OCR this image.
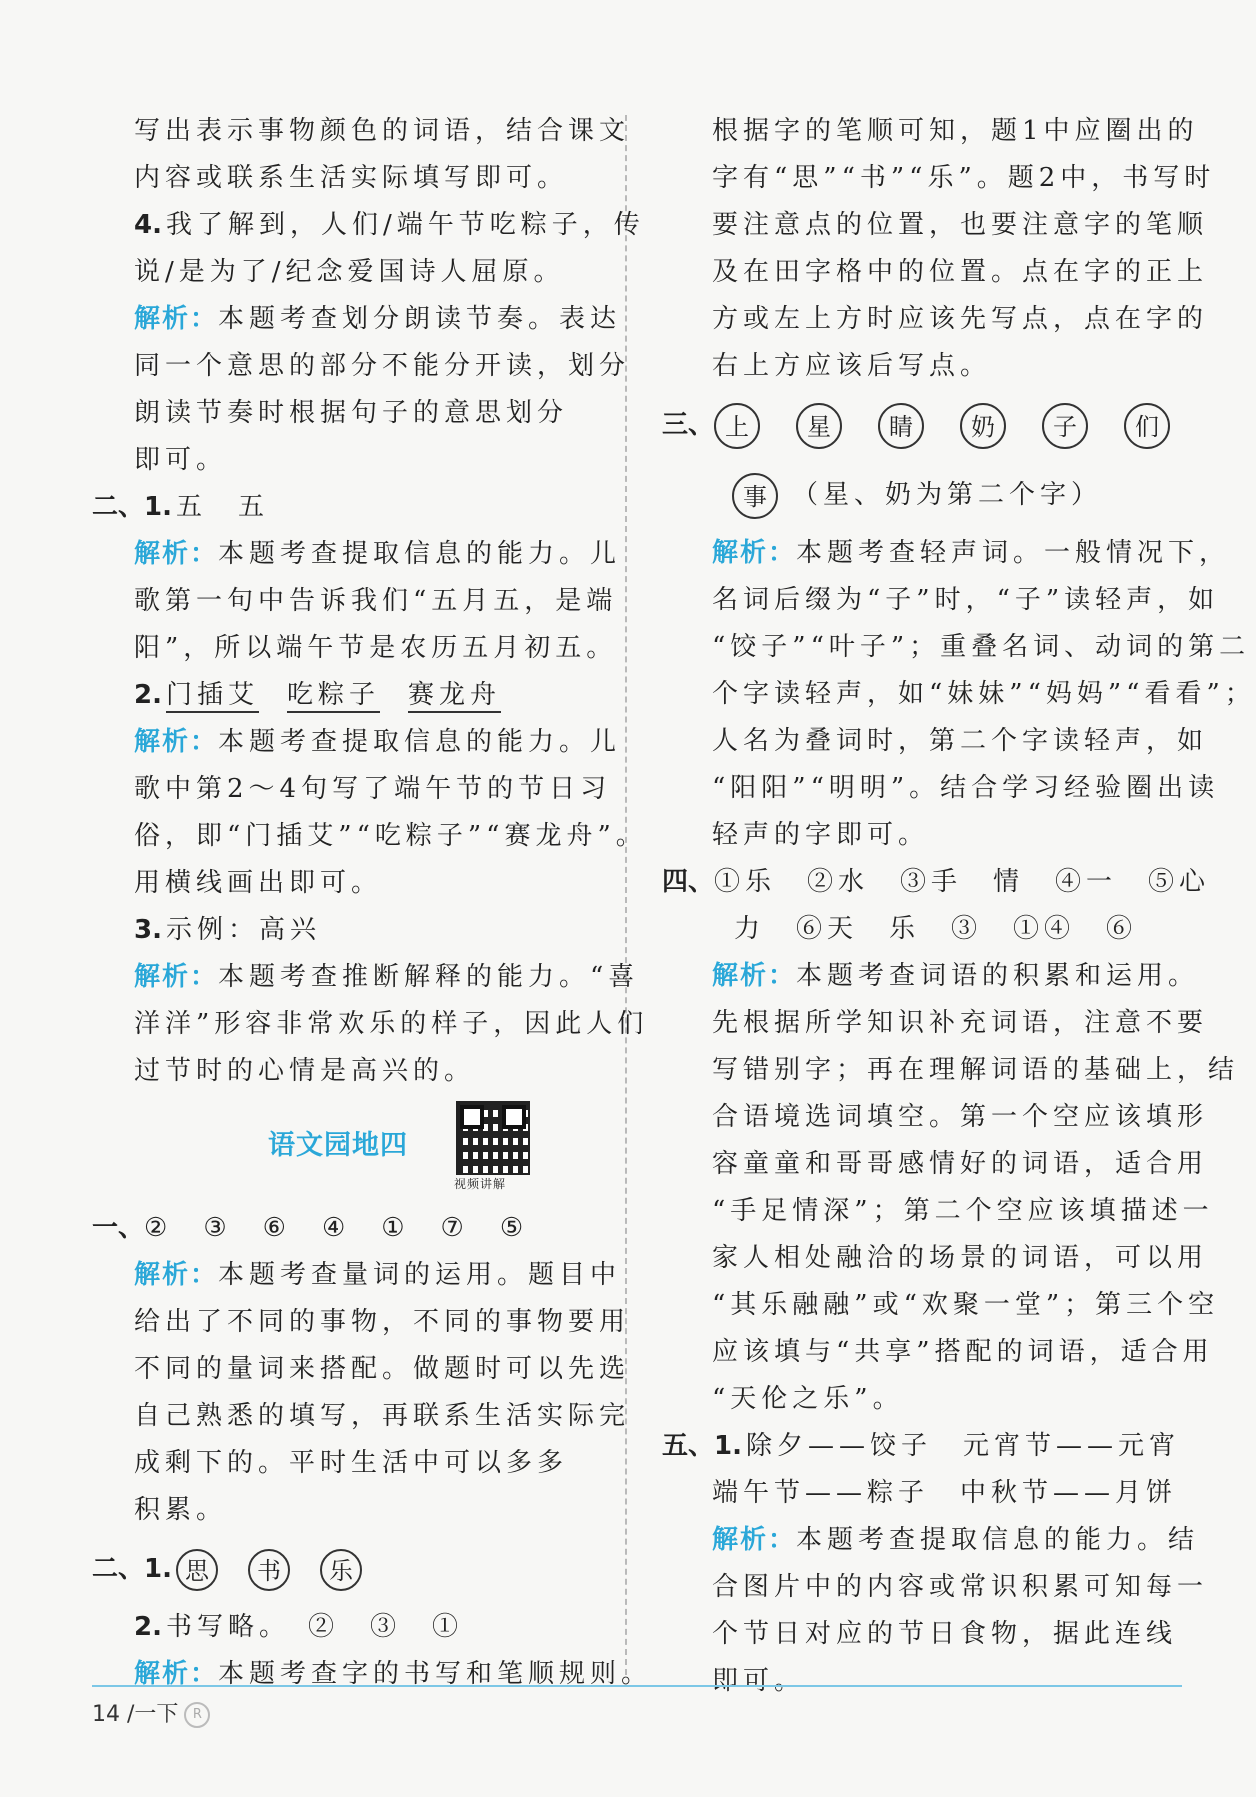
写出表示事物颜色的词语，结合课文
内容或联系生活实际填写即可。
4. 我了解到，人们/端午节吃粽子，传
说/是为了/纪念爱国诗人屈原。
解析：本题考查划分朗读节奏。表达
同一个意思的部分不能分开读，划分
朗读节奏时根据句子的意思划分
即可。
二、1. 五　五
解析：本题考查提取信息的能力。儿
歌第一句中告诉我们“五月五，是端
阳”，所以端午节是农历五月初五。
2. 门插艾 吃粽子 赛龙舟
解析：本题考查提取信息的能力。儿
歌中第2～4句写了端午节的节日习
俗，即“门插艾”“吃粽子”“赛龙舟”。
用横线画出即可。
3. 示例：高兴
解析：本题考查推断解释的能力。“喜
洋洋”形容非常欢乐的样子，因此人们
过节时的心情是高兴的。
语文园地四
视频讲解
一、②　③　⑥　④　①　⑦　⑤
解析：本题考查量词的运用。题目中
给出了不同的事物，不同的事物要用
不同的量词来搭配。做题时可以先选
自己熟悉的填写，再联系生活实际完
成剩下的。平时生活中可以多多
积累。
二、1. 思 书 乐
2. 书写略。　②　③　①
解析：本题考查字的书写和笔顺规则。
根据字的笔顺可知，题1中应圈出的
字有“思”“书”“乐”。题2中，书写时
要注意点的位置，也要注意字的笔顺
及在田字格中的位置。点在字的正上
方或左上方时应该先写点，点在字的
右上方应该后写点。
三、 上 星 睛 奶 子 们
事 （星、奶为第二个字）
解析：本题考查轻声词。一般情况下，
名词后缀为“子”时，“子”读轻声，如
“饺子”“叶子”；重叠名词、动词的第二
个字读轻声，如“妹妹”“妈妈”“看看”；
人名为叠词时，第二个字读轻声，如
“阳阳”“明明”。结合学习经验圈出读
轻声的字即可。
四、①乐　②水　③手　情　④一　⑤心
力　⑥天　乐　③　①④　⑥
解析：本题考查词语的积累和运用。
先根据所学知识补充词语，注意不要
写错别字；再在理解词语的基础上，结
合语境选词填空。第一个空应该填形
容童童和哥哥感情好的词语，适合用
“手足情深”；第二个空应该填描述一
家人相处融洽的场景的词语，可以用
“其乐融融”或“欢聚一堂”；第三个空
应该填与“共享”搭配的词语，适合用
“天伦之乐”。
五、1. 除夕——饺子　元宵节——元宵
端午节——粽子　中秋节——月饼
解析：本题考查提取信息的能力。结
合图片中的内容或常识积累可知每一
个节日对应的节日食物，据此连线
即可。
14 /一下 R
